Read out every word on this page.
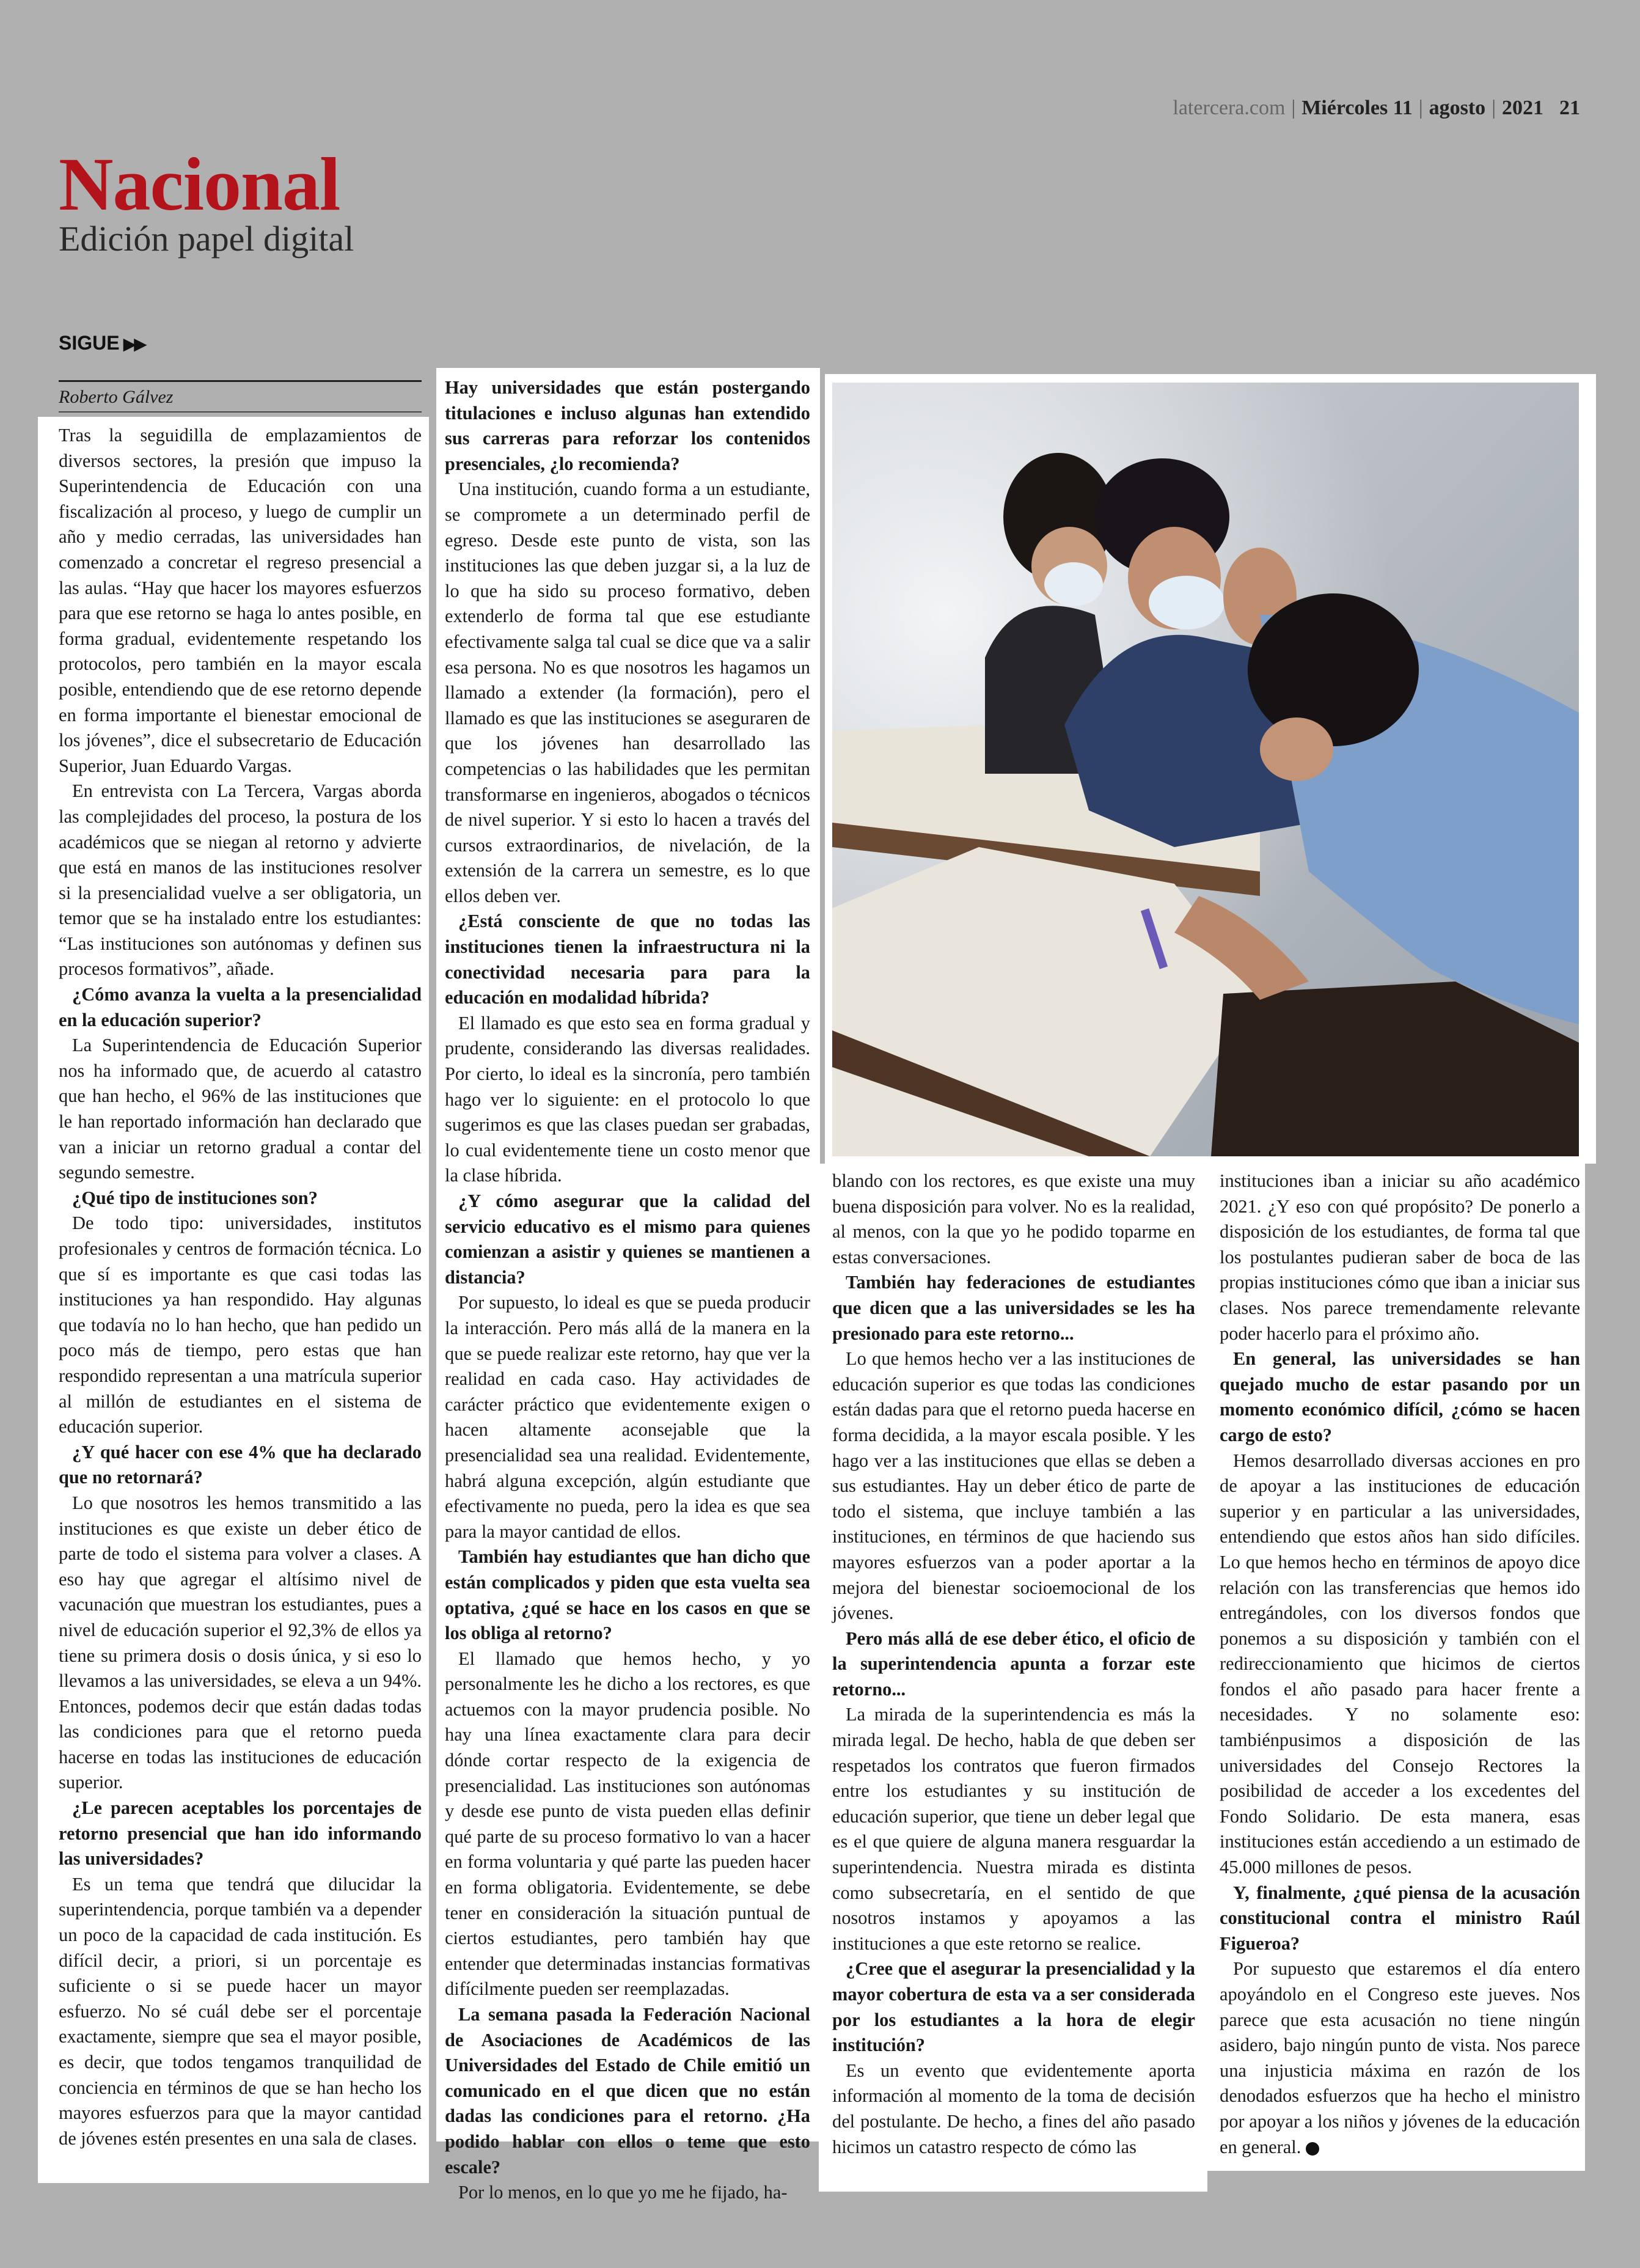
latercera.com | Miércoles 11 | agosto | 2021 21
Nacional
Edición papel digital
SIGUE ▶▶
Roberto Gálvez

Tras la seguidilla de emplazamientos de diversos sectores, la presión que impuso la Superintendencia de Educación con una fiscalización al proceso, y luego de cumplir un año y medio cerradas, las universidades han comenzado a concretar el regreso presencial a las aulas. “Hay que hacer los mayores esfuerzos para que ese retorno se haga lo antes posible, en forma gradual, evidentemente respetando los protocolos, pero también en la mayor escala posible, entendiendo que de ese retorno depende en forma importante el bienestar emocional de los jóvenes”, dice el subsecretario de Educación Superior, Juan Eduardo Vargas.

En entrevista con La Tercera, Vargas aborda las complejidades del proceso, la postura de los académicos que se niegan al retorno y advierte que está en manos de las instituciones resolver si la presencialidad vuelve a ser obligatoria, un temor que se ha instalado entre los estudiantes: “Las instituciones son autónomas y definen sus procesos formativos”, añade.

¿Cómo avanza la vuelta a la presencialidad en la educación superior?

La Superintendencia de Educación Superior nos ha informado que, de acuerdo al catastro que han hecho, el 96% de las instituciones que le han reportado información han declarado que van a iniciar un retorno gradual a contar del segundo semestre.

¿Qué tipo de instituciones son?

De todo tipo: universidades, institutos profesionales y centros de formación técnica. Lo que sí es importante es que casi todas las instituciones ya han respondido. Hay algunas que todavía no lo han hecho, que han pedido un poco más de tiempo, pero estas que han respondido representan a una matrícula superior al millón de estudiantes en el sistema de educación superior.

¿Y qué hacer con ese 4% que ha declarado que no retornará?

Lo que nosotros les hemos transmitido a las instituciones es que existe un deber ético de parte de todo el sistema para volver a clases. A eso hay que agregar el altísimo nivel de vacunación que muestran los estudiantes, pues a nivel de educación superior el 92,3% de ellos ya tiene su primera dosis o dosis única, y si eso lo llevamos a las universidades, se eleva a un 94%. Entonces, podemos decir que están dadas todas las condiciones para que el retorno pueda hacerse en todas las instituciones de educación superior.

¿Le parecen aceptables los porcentajes de retorno presencial que han ido informando las universidades?

Es un tema que tendrá que dilucidar la superintendencia, porque también va a depender un poco de la capacidad de cada institución. Es difícil decir, a priori, si un porcentaje es suficiente o si se puede hacer un mayor esfuerzo. No sé cuál debe ser el porcentaje exactamente, siempre que sea el mayor posible, es decir, que todos tengamos tranquilidad de conciencia en términos de que se han hecho los mayores esfuerzos para que la mayor cantidad de jóvenes estén presentes en una sala de clases.

Hay universidades que están postergando titulaciones e incluso algunas han extendido sus carreras para reforzar los contenidos presenciales, ¿lo recomienda?

Una institución, cuando forma a un estudiante, se compromete a un determinado perfil de egreso. Desde este punto de vista, son las instituciones las que deben juzgar si, a la luz de lo que ha sido su proceso formativo, deben extenderlo de forma tal que ese estudiante efectivamente salga tal cual se dice que va a salir esa persona. No es que nosotros les hagamos un llamado a extender (la formación), pero el llamado es que las instituciones se aseguraren de que los jóvenes han desarrollado las competencias o las habilidades que les permitan transformarse en ingenieros, abogados o técnicos de nivel superior. Y si esto lo hacen a través del cursos extraordinarios, de nivelación, de la extensión de la carrera un semestre, es lo que ellos deben ver.

¿Está consciente de que no todas las instituciones tienen la infraestructura ni la conectividad necesaria para para la educación en modalidad híbrida?

El llamado es que esto sea en forma gradual y prudente, considerando las diversas realidades. Por cierto, lo ideal es la sincronía, pero también hago ver lo siguiente: en el protocolo lo que sugerimos es que las clases puedan ser grabadas, lo cual evidentemente tiene un costo menor que la clase híbrida.

¿Y cómo asegurar que la calidad del servicio educativo es el mismo para quienes comienzan a asistir y quienes se mantienen a distancia?

Por supuesto, lo ideal es que se pueda producir la interacción. Pero más allá de la manera en la que se puede realizar este retorno, hay que ver la realidad en cada caso. Hay actividades de carácter práctico que evidentemente exigen o hacen altamente aconsejable que la presencialidad sea una realidad. Evidentemente, habrá alguna excepción, algún estudiante que efectivamente no pueda, pero la idea es que sea para la mayor cantidad de ellos.

También hay estudiantes que han dicho que están complicados y piden que esta vuelta sea optativa, ¿qué se hace en los casos en que se los obliga al retorno?

El llamado que hemos hecho, y yo personalmente les he dicho a los rectores, es que actuemos con la mayor prudencia posible. No hay una línea exactamente clara para decir dónde cortar respecto de la exigencia de presencialidad. Las instituciones son autónomas y desde ese punto de vista pueden ellas definir qué parte de su proceso formativo lo van a hacer en forma voluntaria y qué parte las pueden hacer en forma obligatoria. Evidentemente, se debe tener en consideración la situación puntual de ciertos estudiantes, pero también hay que entender que determinadas instancias formativas difícilmente pueden ser reemplazadas.

La semana pasada la Federación Nacional de Asociaciones de Académicos de las Universidades del Estado de Chile emitió un comunicado en el que dicen que no están dadas las condiciones para el retorno. ¿Ha podido hablar con ellos o teme que esto escale?

Por lo menos, en lo que yo me he fijado, ha-

blando con los rectores, es que existe una muy buena disposición para volver. No es la realidad, al menos, con la que yo he podido toparme en estas conversaciones.

También hay federaciones de estudiantes que dicen que a las universidades se les ha presionado para este retorno...

Lo que hemos hecho ver a las instituciones de educación superior es que todas las condiciones están dadas para que el retorno pueda hacerse en forma decidida, a la mayor escala posible. Y les hago ver a las instituciones que ellas se deben a sus estudiantes. Hay un deber ético de parte de todo el sistema, que incluye también a las instituciones, en términos de que haciendo sus mayores esfuerzos van a poder aportar a la mejora del bienestar socioemocional de los jóvenes.

Pero más allá de ese deber ético, el oficio de la superintendencia apunta a forzar este retorno...

La mirada de la superintendencia es más la mirada legal. De hecho, habla de que deben ser respetados los contratos que fueron firmados entre los estudiantes y su institución de educación superior, que tiene un deber legal que es el que quiere de alguna manera resguardar la superintendencia. Nuestra mirada es distinta como subsecretaría, en el sentido de que nosotros instamos y apoyamos a las instituciones a que este retorno se realice.

¿Cree que el asegurar la presencialidad y la mayor cobertura de esta va a ser considerada por los estudiantes a la hora de elegir institución?

Es un evento que evidentemente aporta información al momento de la toma de decisión del postulante. De hecho, a fines del año pasado hicimos un catastro respecto de cómo las

instituciones iban a iniciar su año académico 2021. ¿Y eso con qué propósito? De ponerlo a disposición de los estudiantes, de forma tal que los postulantes pudieran saber de boca de las propias instituciones cómo que iban a iniciar sus clases. Nos parece tremendamente relevante poder hacerlo para el próximo año.

En general, las universidades se han quejado mucho de estar pasando por un momento económico difícil, ¿cómo se hacen cargo de esto?

Hemos desarrollado diversas acciones en pro de apoyar a las instituciones de educación superior y en particular a las universidades, entendiendo que estos años han sido difíciles. Lo que hemos hecho en términos de apoyo dice relación con las transferencias que hemos ido entregándoles, con los diversos fondos que ponemos a su disposición y también con el redireccionamiento que hicimos de ciertos fondos el año pasado para hacer frente a necesidades. Y no solamente eso: tambiénpusimos a disposición de las universidades del Consejo Rectores la posibilidad de acceder a los excedentes del Fondo Solidario. De esta manera, esas instituciones están accediendo a un estimado de 45.000 millones de pesos.

Y, finalmente, ¿qué piensa de la acusación constitucional contra el ministro Raúl Figueroa?

Por supuesto que estaremos el día entero apoyándolo en el Congreso este jueves. Nos parece que esta acusación no tiene ningún asidero, bajo ningún punto de vista. Nos parece una injusticia máxima en razón de los denodados esfuerzos que ha hecho el ministro por apoyar a los niños y jóvenes de la educación en general.
